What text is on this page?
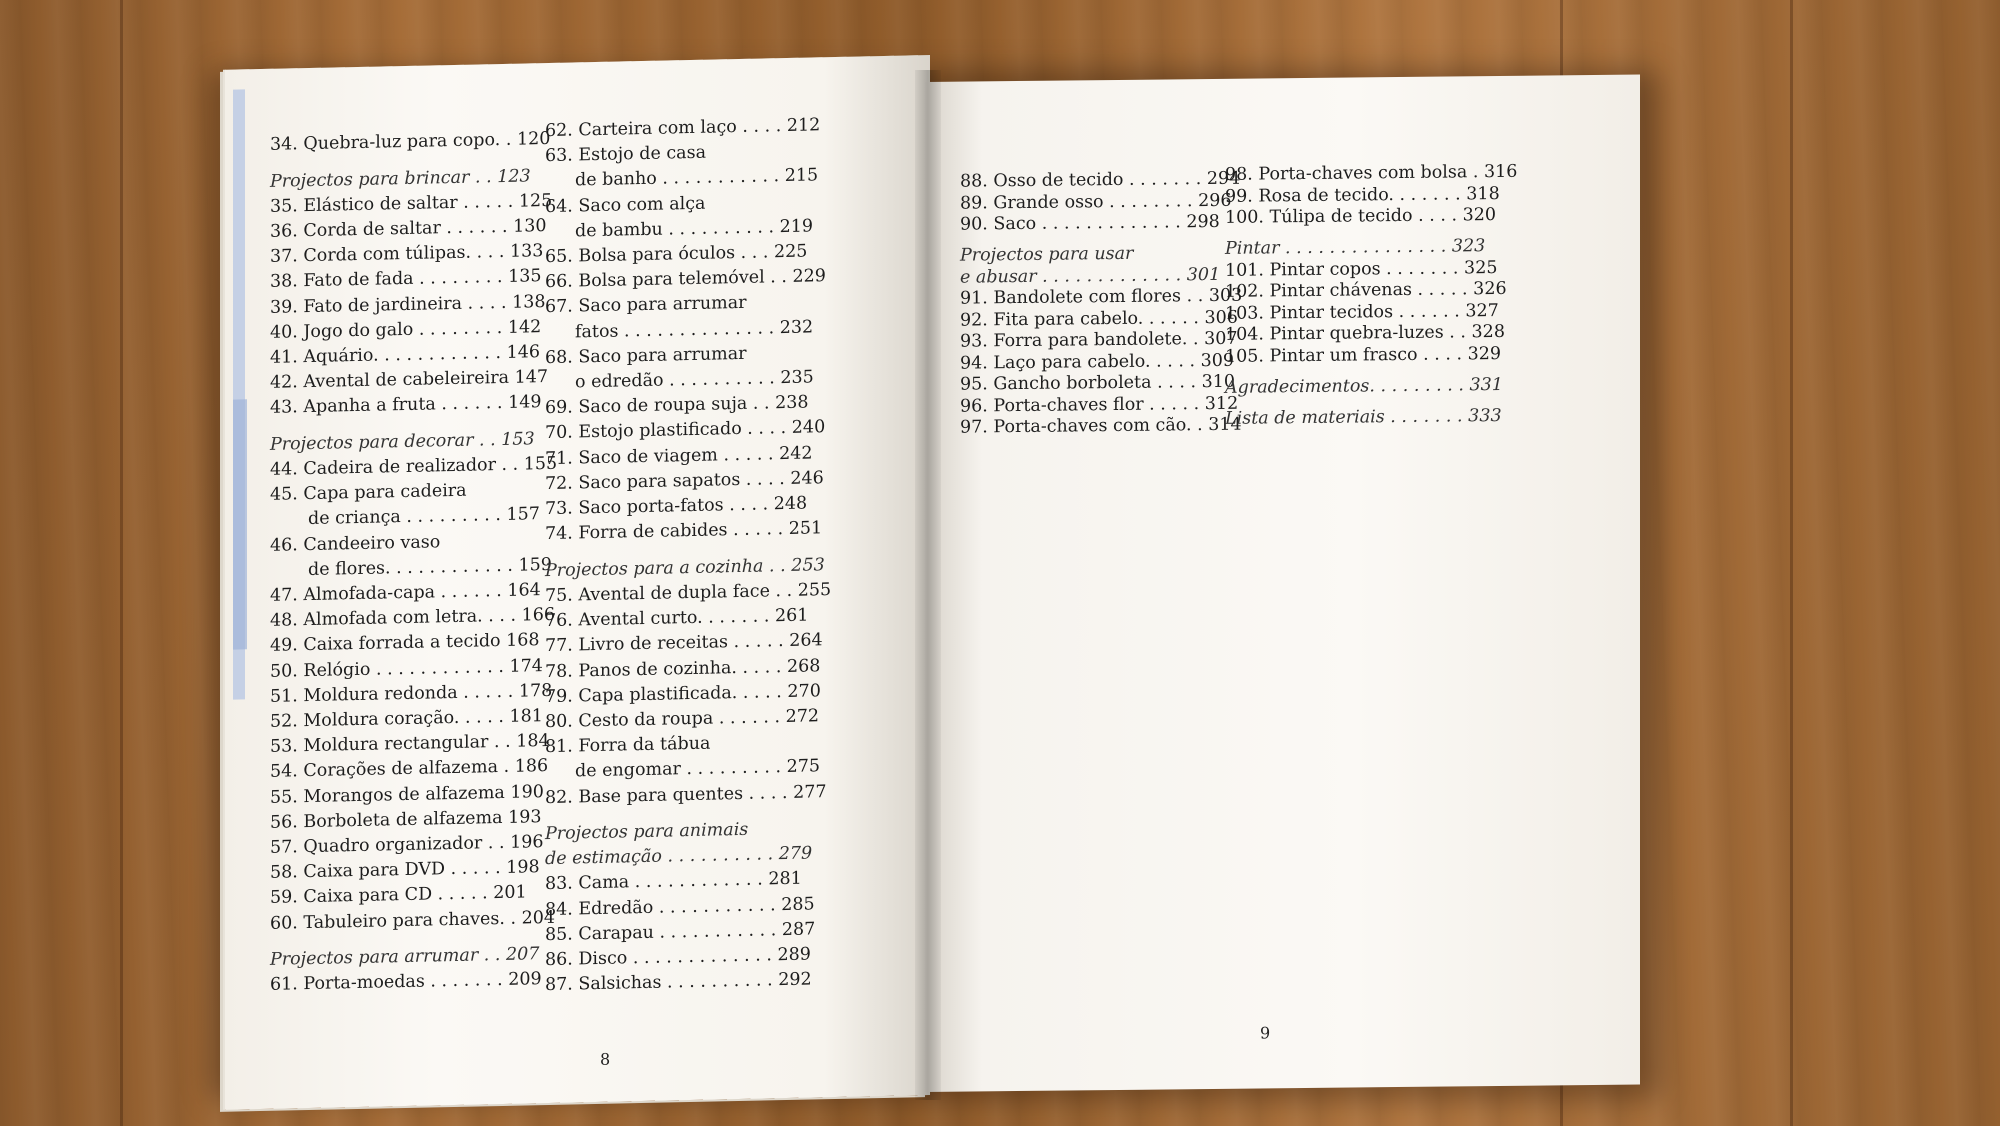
34. Quebra-luz para copo. . 120
Projectos para brincar . . 123
35. Elástico de saltar . . . . . 125
36. Corda de saltar . . . . . . 130
37. Corda com túlipas. . . . 133
38. Fato de fada . . . . . . . . 135
39. Fato de jardineira . . . . 138
40. Jogo do galo . . . . . . . . 142
41. Aquário. . . . . . . . . . . . 146
42. Avental de cabeleireira 147
43. Apanha a fruta . . . . . . 149
Projectos para decorar . . 153
44. Cadeira de realizador . . 155
45. Capa para cadeira
de criança . . . . . . . . . 157
46. Candeeiro vaso
de flores. . . . . . . . . . . . 159
47. Almofada-capa . . . . . . 164
48. Almofada com letra. . . . 166
49. Caixa forrada a tecido 168
50. Relógio . . . . . . . . . . . . 174
51. Moldura redonda . . . . . 178
52. Moldura coração. . . . . 181
53. Moldura rectangular . . 184
54. Corações de alfazema . 186
55. Morangos de alfazema 190
56. Borboleta de alfazema 193
57. Quadro organizador . . 196
58. Caixa para DVD . . . . . 198
59. Caixa para CD . . . . . 201
60. Tabuleiro para chaves. . 204
Projectos para arrumar . . 207
61. Porta-moedas . . . . . . . 209
62. Carteira com laço . . . . 212
63. Estojo de casa
de banho . . . . . . . . . . . 215
64. Saco com alça
de bambu . . . . . . . . . . 219
65. Bolsa para óculos . . . 225
66. Bolsa para telemóvel . . 229
67. Saco para arrumar
fatos . . . . . . . . . . . . . . 232
68. Saco para arrumar
o edredão . . . . . . . . . . 235
69. Saco de roupa suja . . 238
70. Estojo plastificado . . . . 240
71. Saco de viagem . . . . . 242
72. Saco para sapatos . . . . 246
73. Saco porta-fatos . . . . 248
74. Forra de cabides . . . . . 251
Projectos para a cozinha . . 253
75. Avental de dupla face . . 255
76. Avental curto. . . . . . . 261
77. Livro de receitas . . . . . 264
78. Panos de cozinha. . . . . 268
79. Capa plastificada. . . . . 270
80. Cesto da roupa . . . . . . 272
81. Forra da tábua
de engomar . . . . . . . . . 275
82. Base para quentes . . . . 277
Projectos para animais
de estimação . . . . . . . . . . 279
83. Cama . . . . . . . . . . . . 281
84. Edredão . . . . . . . . . . . 285
85. Carapau . . . . . . . . . . . 287
86. Disco . . . . . . . . . . . . . 289
87. Salsichas . . . . . . . . . . 292
8
88. Osso de tecido . . . . . . . 294
89. Grande osso . . . . . . . . 296
90. Saco . . . . . . . . . . . . . 298
Projectos para usar
e abusar . . . . . . . . . . . . . 301
91. Bandolete com flores . . 303
92. Fita para cabelo. . . . . . 306
93. Forra para bandolete. . 307
94. Laço para cabelo. . . . . 309
95. Gancho borboleta . . . . 310
96. Porta-chaves flor . . . . . 312
97. Porta-chaves com cão. . 314
98. Porta-chaves com bolsa . 316
99. Rosa de tecido. . . . . . . 318
100. Túlipa de tecido . . . . 320
Pintar . . . . . . . . . . . . . . . 323
101. Pintar copos . . . . . . . 325
102. Pintar chávenas . . . . . 326
103. Pintar tecidos . . . . . . 327
104. Pintar quebra-luzes . . 328
105. Pintar um frasco . . . . 329
Agradecimentos. . . . . . . . . 331
Lista de materiais . . . . . . . 333
9
